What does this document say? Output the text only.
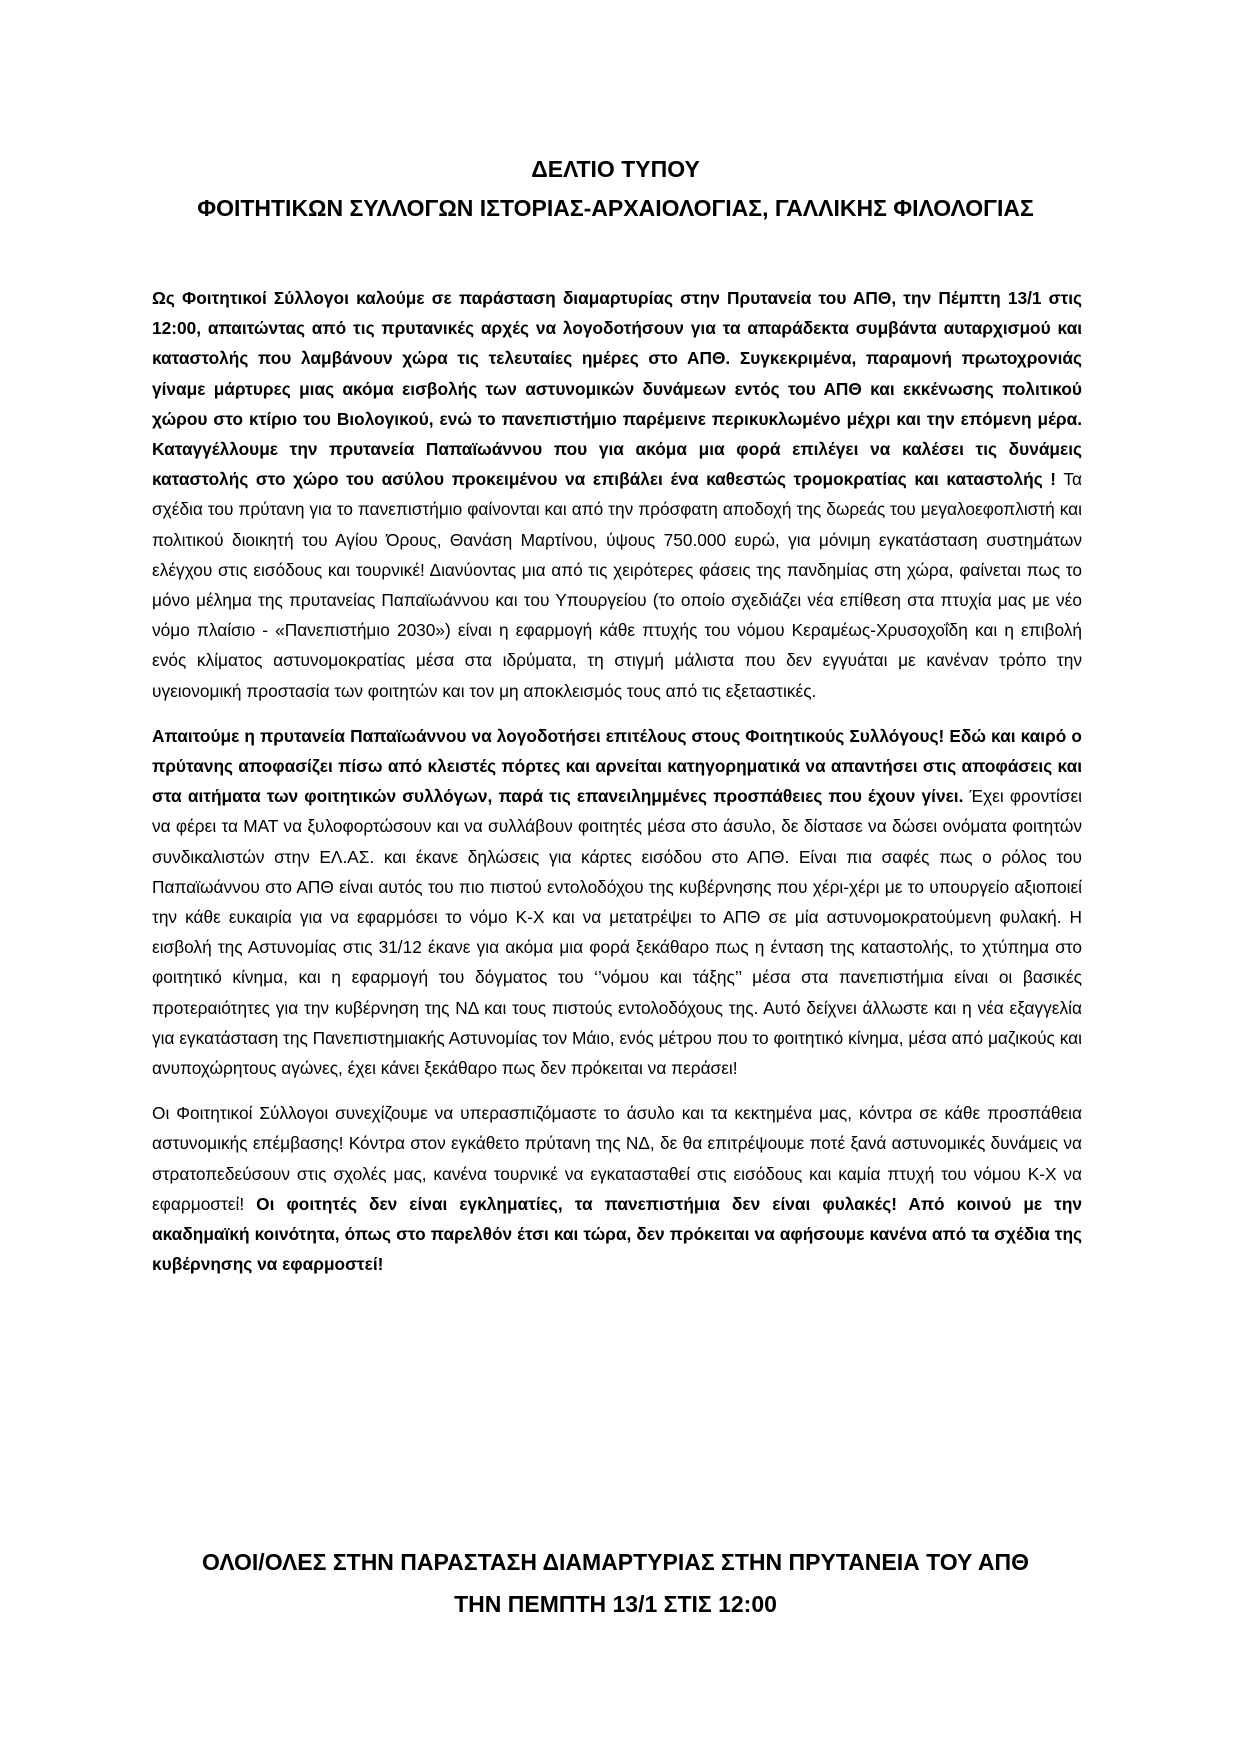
ΔΕΛΤΙΟ ΤΥΠΟΥ
ΦΟΙΤΗΤΙΚΩΝ ΣΥΛΛΟΓΩΝ ΙΣΤΟΡΙΑΣ-ΑΡΧΑΙΟΛΟΓΙΑΣ, ΓΑΛΛΙΚΗΣ ΦΙΛΟΛΟΓΙΑΣ

Ως Φοιτητικοί Σύλλογοι καλούμε σε παράσταση διαμαρτυρίας στην Πρυτανεία του ΑΠΘ, την Πέμπτη 13/1 στις 12:00, απαιτώντας από τις πρυτανικές αρχές να λογοδοτήσουν για τα απαράδεκτα συμβάντα αυταρχισμού και καταστολής που λαμβάνουν χώρα τις τελευταίες ημέρες στο ΑΠΘ. Συγκεκριμένα, παραμονή πρωτοχρονιάς γίναμε μάρτυρες μιας ακόμα εισβολής των αστυνομικών δυνάμεων εντός του ΑΠΘ και εκκένωσης πολιτικού χώρου στο κτίριο του Βιολογικού, ενώ το πανεπιστήμιο παρέμεινε περικυκλωμένο μέχρι και την επόμενη μέρα. Καταγγέλλουμε την πρυτανεία Παπαϊωάννου που για ακόμα μια φορά επιλέγει να καλέσει τις δυνάμεις καταστολής στο χώρο του ασύλου προκειμένου να επιβάλει ένα καθεστώς τρομοκρατίας και καταστολής ! Τα σχέδια του πρύτανη για το πανεπιστήμιο φαίνονται και από την πρόσφατη αποδοχή της δωρεάς του μεγαλοεφοπλιστή και πολιτικού διοικητή του Αγίου Όρους, Θανάση Μαρτίνου, ύψους 750.000 ευρώ, για μόνιμη εγκατάσταση συστημάτων ελέγχου στις εισόδους και τουρνικέ! Διανύοντας μια από τις χειρότερες φάσεις της πανδημίας στη χώρα, φαίνεται πως το μόνο μέλημα της πρυτανείας Παπαϊωάννου και του Υπουργείου (το οποίο σχεδιάζει νέα επίθεση στα πτυχία μας με νέο νόμο πλαίσιο - «Πανεπιστήμιο 2030») είναι η εφαρμογή κάθε πτυχής του νόμου Κεραμέως-Χρυσοχοΐδη και η επιβολή ενός κλίματος αστυνομοκρατίας μέσα στα ιδρύματα, τη στιγμή μάλιστα που δεν εγγυάται με κανέναν τρόπο την υγειονομική προστασία των φοιτητών και τον μη αποκλεισμός τους από τις εξεταστικές.

Απαιτούμε η πρυτανεία Παπαϊωάννου να λογοδοτήσει επιτέλους στους Φοιτητικούς Συλλόγους! Εδώ και καιρό ο πρύτανης αποφασίζει πίσω από κλειστές πόρτες και αρνείται κατηγορηματικά να απαντήσει στις αποφάσεις και στα αιτήματα των φοιτητικών συλλόγων, παρά τις επανειλημμένες προσπάθειες που έχουν γίνει. Έχει φροντίσει να φέρει τα ΜΑΤ να ξυλοφορτώσουν και να συλλάβουν φοιτητές μέσα στο άσυλο, δε δίστασε να δώσει ονόματα φοιτητών συνδικαλιστών στην ΕΛ.ΑΣ. και έκανε δηλώσεις για κάρτες εισόδου στο ΑΠΘ. Είναι πια σαφές πως ο ρόλος του Παπαϊωάννου στο ΑΠΘ είναι αυτός του πιο πιστού εντολοδόχου της κυβέρνησης που χέρι-χέρι με το υπουργείο αξιοποιεί την κάθε ευκαιρία για να εφαρμόσει το νόμο Κ-Χ και να μετατρέψει το ΑΠΘ σε μία αστυνομοκρατούμενη φυλακή. Η εισβολή της Αστυνομίας στις 31/12 έκανε για ακόμα μια φορά ξεκάθαρο πως η ένταση της καταστολής, το χτύπημα στο φοιτητικό κίνημα, και η εφαρμογή του δόγματος του ‘’νόμου και τάξης’’ μέσα στα πανεπιστήμια είναι οι βασικές προτεραιότητες για την κυβέρνηση της ΝΔ και τους πιστούς εντολοδόχους της. Αυτό δείχνει άλλωστε και η νέα εξαγγελία για εγκατάσταση της Πανεπιστημιακής Αστυνομίας τον Μάιο, ενός μέτρου που το φοιτητικό κίνημα, μέσα από μαζικούς και ανυποχώρητους αγώνες, έχει κάνει ξεκάθαρο πως δεν πρόκειται να περάσει!

Οι Φοιτητικοί Σύλλογοι συνεχίζουμε να υπερασπιζόμαστε το άσυλο και τα κεκτημένα μας, κόντρα σε κάθε προσπάθεια αστυνομικής επέμβασης! Κόντρα στον εγκάθετο πρύτανη της ΝΔ, δε θα επιτρέψουμε ποτέ ξανά αστυνομικές δυνάμεις να στρατοπεδεύσουν στις σχολές μας, κανένα τουρνικέ να εγκατασταθεί στις εισόδους και καμία πτυχή του νόμου Κ-Χ να εφαρμοστεί! Οι φοιτητές δεν είναι εγκληματίες, τα πανεπιστήμια δεν είναι φυλακές! Από κοινού με την ακαδημαϊκή κοινότητα, όπως στο παρελθόν έτσι και τώρα, δεν πρόκειται να αφήσουμε κανένα από τα σχέδια της κυβέρνησης να εφαρμοστεί!

ΟΛΟΙ/ΟΛΕΣ ΣΤΗΝ ΠΑΡΑΣΤΑΣΗ ΔΙΑΜΑΡΤΥΡΙΑΣ ΣΤΗΝ ΠΡΥΤΑΝΕΙΑ ΤΟΥ ΑΠΘ
ΤΗΝ ΠΕΜΠΤΗ 13/1 ΣΤΙΣ 12:00
